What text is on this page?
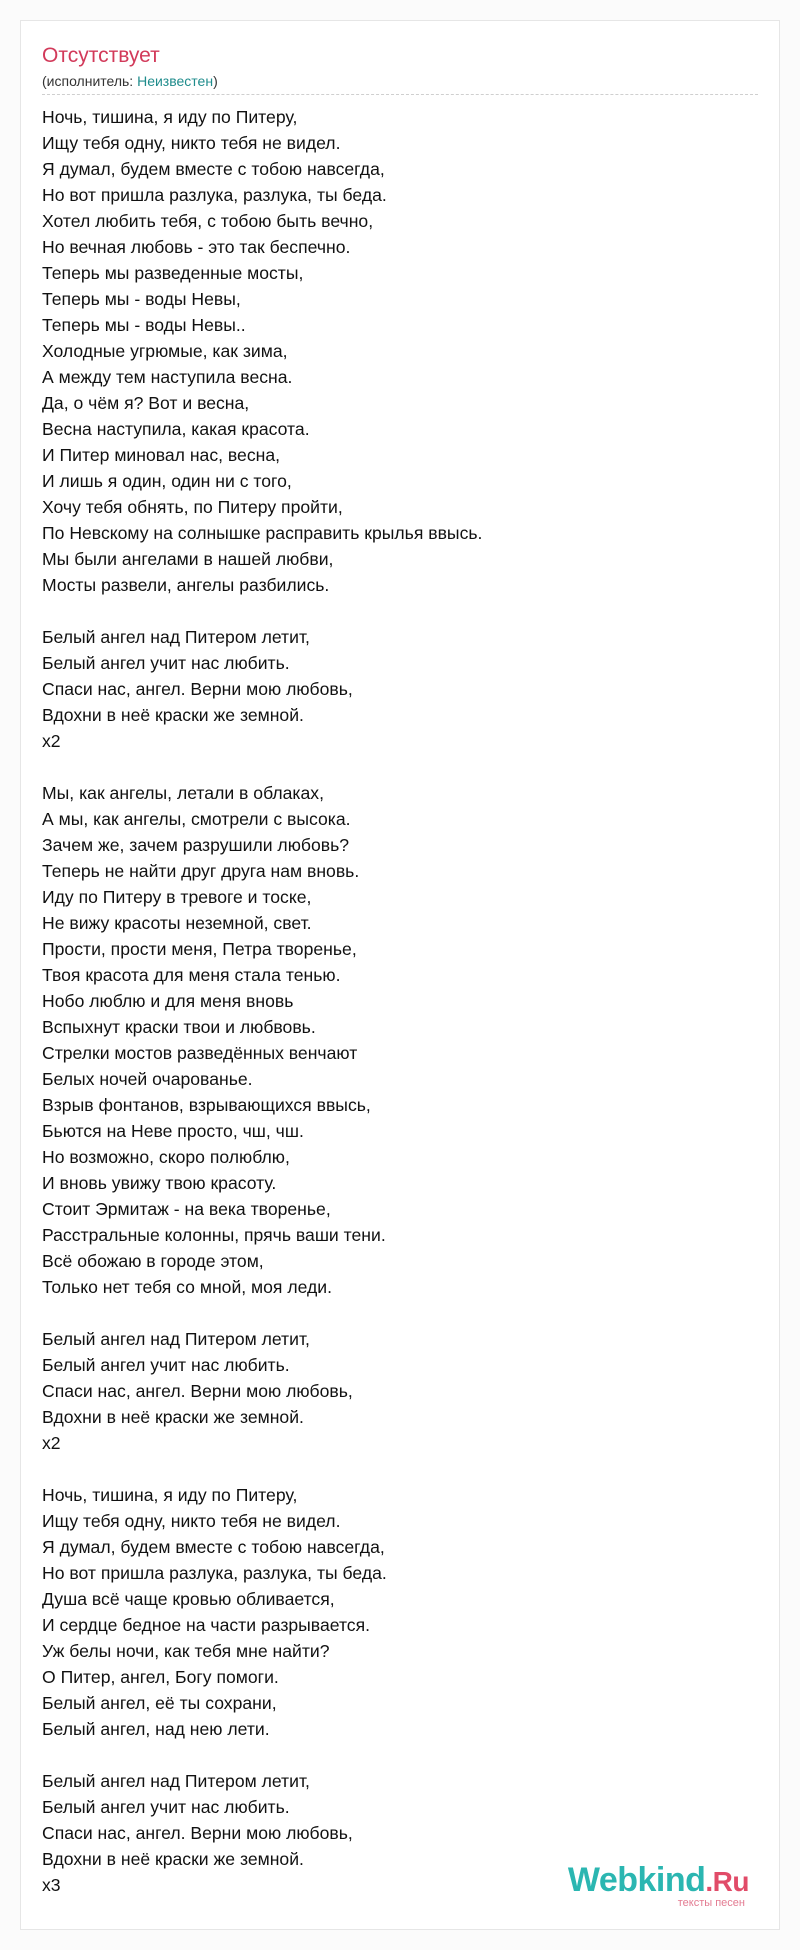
Отсутствует
(исполнитель: Неизвестен)
Ночь, тишина, я иду по Питеру,
Ищу тебя одну, никто тебя не видел.
Я думал, будем вместе с тобою навсегда,
Но вот пришла разлука, разлука, ты беда.
Хотел любить тебя, с тобою быть вечно,
Но вечная любовь - это так беспечно.
Теперь мы разведенные мосты,
Теперь мы - воды Невы,
Теперь мы - воды Невы..
Холодные угрюмые, как зима,
А между тем наступила весна.
Да, о чём я? Вот и весна,
Весна наступила, какая красота.
И Питер миновал нас, весна,
И лишь я один, один ни с того,
Хочу тебя обнять, по Питеру пройти,
По Невскому на солнышке расправить крылья ввысь.
Мы были ангелами в нашей любви,
Мосты развели, ангелы разбились.
Белый ангел над Питером летит,
Белый ангел учит нас любить.
Спаси нас, ангел. Верни мою любовь,
Вдохни в неё краски же земной.
x2
Мы, как ангелы, летали в облаках,
А мы, как ангелы, смотрели с высока.
Зачем же, зачем разрушили любовь?
Теперь не найти друг друга нам вновь.
Иду по Питеру в тревоге и тоске,
Не вижу красоты неземной, свет.
Прости, прости меня, Петра творенье,
Твоя красота для меня стала тенью.
Нобо люблю и для меня вновь
Вспыхнут краски твои и любвовь.
Стрелки мостов разведённых венчают
Белых ночей очарованье.
Взрыв фонтанов, взрывающихся ввысь,
Бьются на Неве просто, чш, чш.
Но возможно, скоро полюблю,
И вновь увижу твою красоту.
Стоит Эрмитаж - на века творенье,
Расстральные колонны, прячь ваши тени.
Всё обожаю в городе этом,
Только нет тебя со мной, моя леди.
Белый ангел над Питером летит,
Белый ангел учит нас любить.
Спаси нас, ангел. Верни мою любовь,
Вдохни в неё краски же земной.
x2
Ночь, тишина, я иду по Питеру,
Ищу тебя одну, никто тебя не видел.
Я думал, будем вместе с тобою навсегда,
Но вот пришла разлука, разлука, ты беда.
Душа всё чаще кровью обливается,
И сердце бедное на части разрывается.
Уж белы ночи, как тебя мне найти?
О Питер, ангел, Богу помоги.
Белый ангел, её ты сохрани,
Белый ангел, над нею лети.
Белый ангел над Питером летит,
Белый ангел учит нас любить.
Спаси нас, ангел. Верни мою любовь,
Вдохни в неё краски же земной.
x3	Webkind.Ru
тексты песен
